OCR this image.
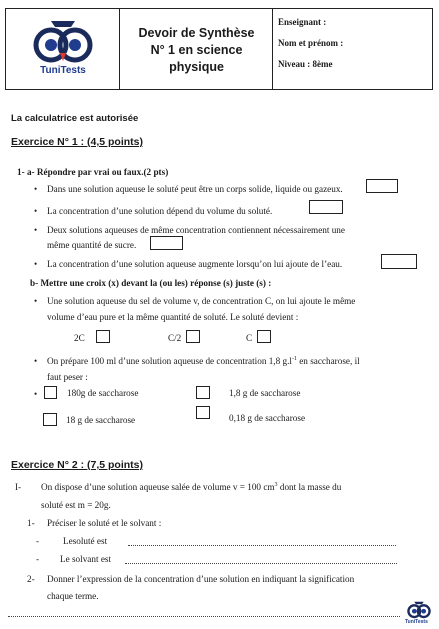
TuniTests
Devoir de Synthèse
N° 1 en science
physique
Enseignant :
Nom et prénom :
Niveau : 8ème
La calculatrice est autorisée
Exercice N° 1 : (4,5 points)
1- a- Répondre par vrai ou faux.(2 pts)
• Dans une solution aqueuse le soluté peut être un corps solide, liquide ou gazeux.
• La concentration d’une solution dépend du volume du soluté.
• Deux solutions aqueuses de même concentration contiennent nécessairement une
même quantité de sucre.
• La concentration d’une solution aqueuse augmente lorsqu’on lui ajoute de l’eau.
b- Mettre une croix (x) devant la (ou les) réponse (s) juste (s) :
• Une solution aqueuse du sel de volume v, de concentration C, on lui ajoute le même
volume d’eau pure et la même quantité de soluté. Le soluté devient :
2C	C/2	C
• On prépare 100 ml d’une solution aqueuse de concentration 1,8 $g.l^{-1}$ en saccharose, il
faut peser :
•	180g de saccharose	1,8 g de saccharose
18 g de saccharose	0,18 g de saccharose
Exercice N° 2 : (7,5 points)
I- On dispose d’une solution aqueuse salée de volume v = 100 $cm^3$ dont la masse du
soluté est m = 20g.
1- Préciser le soluté et le solvant :
-	Lesoluté est
- Le solvant est
2- Donner l’expression de la concentration d’une solution en indiquant la signification
chaque terme.
TuniTests
